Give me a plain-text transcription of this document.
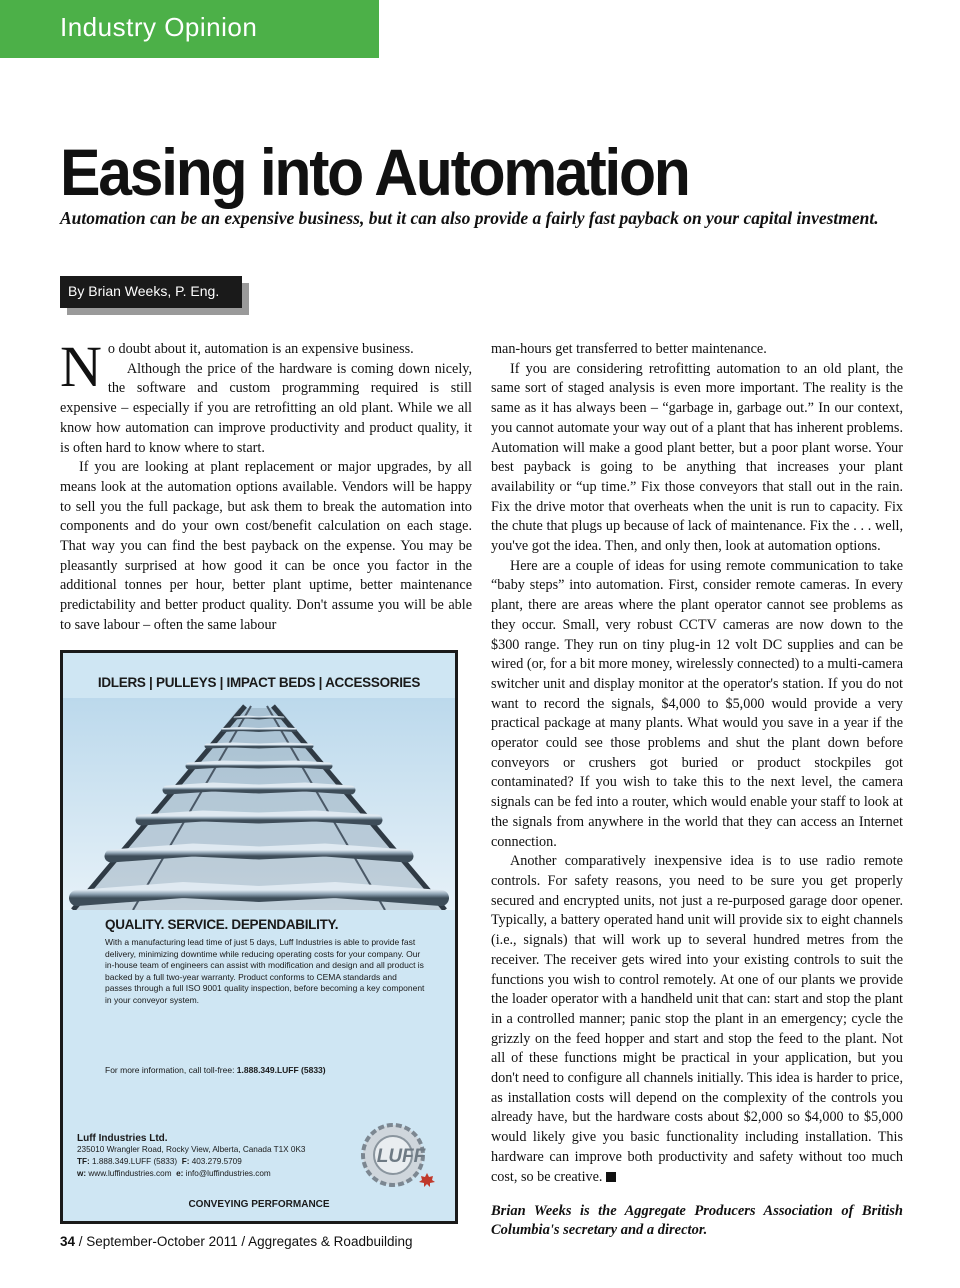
Industry Opinion
Easing into Automation

Automation can be an expensive business, but it can also provide a fairly fast payback on your capital investment.

By Brian Weeks, P. Eng.

No doubt about it, automation is an expensive business.

Although the price of the hardware is coming down nicely, the software and custom programming required is still expensive – especially if you are retrofitting an old plant. While we all know how automation can improve productivity and product quality, it is often hard to know where to start.

If you are looking at plant replacement or major upgrades, by all means look at the automation options available. Vendors will be happy to sell you the full package, but ask them to break the automation into components and do your own cost/benefit calculation on each stage. That way you can find the best payback on the expense. You may be pleasantly surprised at how good it can be once you factor in the additional tonnes per hour, better plant uptime, better maintenance predictability and better product quality. Don't assume you will be able to save labour – often the same labour

man-hours get transferred to better maintenance.

If you are considering retrofitting automation to an old plant, the same sort of staged analysis is even more important. The reality is the same as it has always been – “garbage in, garbage out.” In our context, you cannot automate your way out of a plant that has inherent problems. Automation will make a good plant better, but a poor plant worse. Your best payback is going to be anything that increases your plant availability or “up time.” Fix those conveyors that stall out in the rain. Fix the drive motor that overheats when the unit is run to capacity. Fix the chute that plugs up because of lack of maintenance. Fix the . . . well, you've got the idea. Then, and only then, look at automation options.

Here are a couple of ideas for using remote communication to take “baby steps” into automation. First, consider remote cameras. In every plant, there are areas where the plant operator cannot see problems as they occur. Small, very robust CCTV cameras are now down to the $300 range. They run on tiny plug-in 12 volt DC supplies and can be wired (or, for a bit more money, wirelessly connected) to a multi-camera switcher unit and display monitor at the operator's station. If you do not want to record the signals, $4,000 to $5,000 would provide a very practical package at many plants. What would you save in a year if the operator could see those problems and shut the plant down before conveyors or crushers got buried or product stockpiles got contaminated? If you wish to take this to the next level, the camera signals can be fed into a router, which would enable your staff to look at the signals from anywhere in the world that they can access an Internet connection.

Another comparatively inexpensive idea is to use radio remote controls. For safety reasons, you need to be sure you get properly secured and encrypted units, not just a re-purposed garage door opener. Typically, a battery operated hand unit will provide six to eight channels (i.e., signals) that will work up to several hundred metres from the receiver. The receiver gets wired into your existing controls to suit the functions you wish to control remotely. At one of our plants we provide the loader operator with a handheld unit that can: start and stop the plant in a controlled manner; panic stop the plant in an emergency; cycle the grizzly on the feed hopper and start and stop the feed to the plant. Not all of these functions might be practical in your application, but you don't need to configure all channels initially. This idea is harder to price, as installation costs will depend on the complexity of the controls you already have, but the hardware costs about $2,000 so $4,000 to $5,000 would likely give you basic functionality including installation. This hardware can improve both productivity and safety without too much cost, so be creative.

Brian Weeks is the Aggregate Producers Association of British Columbia's secretary and a director.

IDLERS | PULLEYS | IMPACT BEDS | ACCESSORIES
QUALITY. SERVICE. DEPENDABILITY.

With a manufacturing lead time of just 5 days, Luff Industries is able to provide fast delivery, minimizing downtime while reducing operating costs for your company. Our in-house team of engineers can assist with modification and design and all product is backed by a full two-year warranty. Product conforms to CEMA standards and passes through a full ISO 9001 quality inspection, before becoming a key component in your conveyor system.

For more information, call toll-free: 1.888.349.LUFF (5833)
Luff Industries Ltd.
235010 Wrangler Road, Rocky View, Alberta, Canada T1X 0K3
TF: 1.888.349.LUFF (5833) F: 403.279.5709
w: www.luffindustries.com e: info@luffindustries.com
LUFF
CONVEYING PERFORMANCE
34 / September-October 2011 / Aggregates & Roadbuilding
